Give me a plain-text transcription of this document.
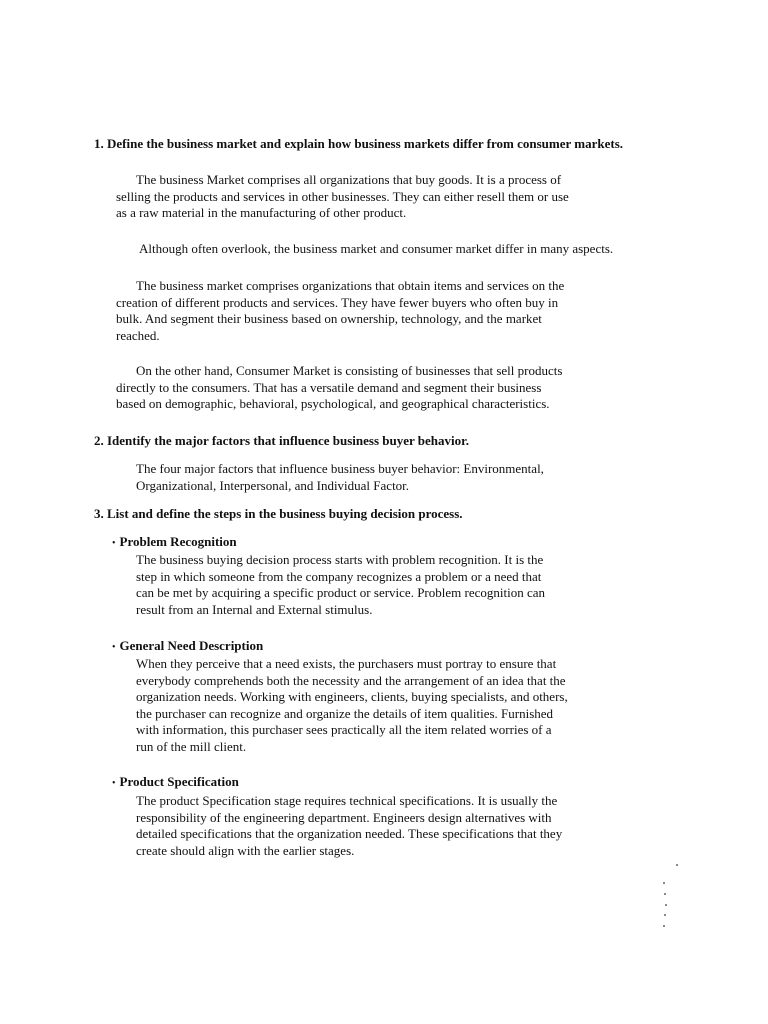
1. Define the business market and explain how business markets differ from consumer markets.
The business Market comprises all organizations that buy goods. It is a process of
selling the products and services in other businesses. They can either resell them or use
as a raw material in the manufacturing of other product.
Although often overlook, the business market and consumer market differ in many aspects.
The business market comprises organizations that obtain items and services on the
creation of different products and services. They have fewer buyers who often buy in
bulk. And segment their business based on ownership, technology, and the market
reached.
On the other hand, Consumer Market is consisting of businesses that sell products
directly to the consumers. That has a versatile demand and segment their business
based on demographic, behavioral, psychological, and geographical characteristics.
2. Identify the major factors that influence business buyer behavior.
The four major factors that influence business buyer behavior: Environmental,
Organizational, Interpersonal, and Individual Factor.
3. List and define the steps in the business buying decision process.
• Problem Recognition
The business buying decision process starts with problem recognition. It is the
step in which someone from the company recognizes a problem or a need that
can be met by acquiring a specific product or service. Problem recognition can
result from an Internal and External stimulus.
• General Need Description
When they perceive that a need exists, the purchasers must portray to ensure that
everybody comprehends both the necessity and the arrangement of an idea that the
organization needs. Working with engineers, clients, buying specialists, and others,
the purchaser can recognize and organize the details of item qualities. Furnished
with information, this purchaser sees practically all the item related worries of a
run of the mill client.
• Product Specification
The product Specification stage requires technical specifications. It is usually the
responsibility of the engineering department. Engineers design alternatives with
detailed specifications that the organization needed. These specifications that they
create should align with the earlier stages.
